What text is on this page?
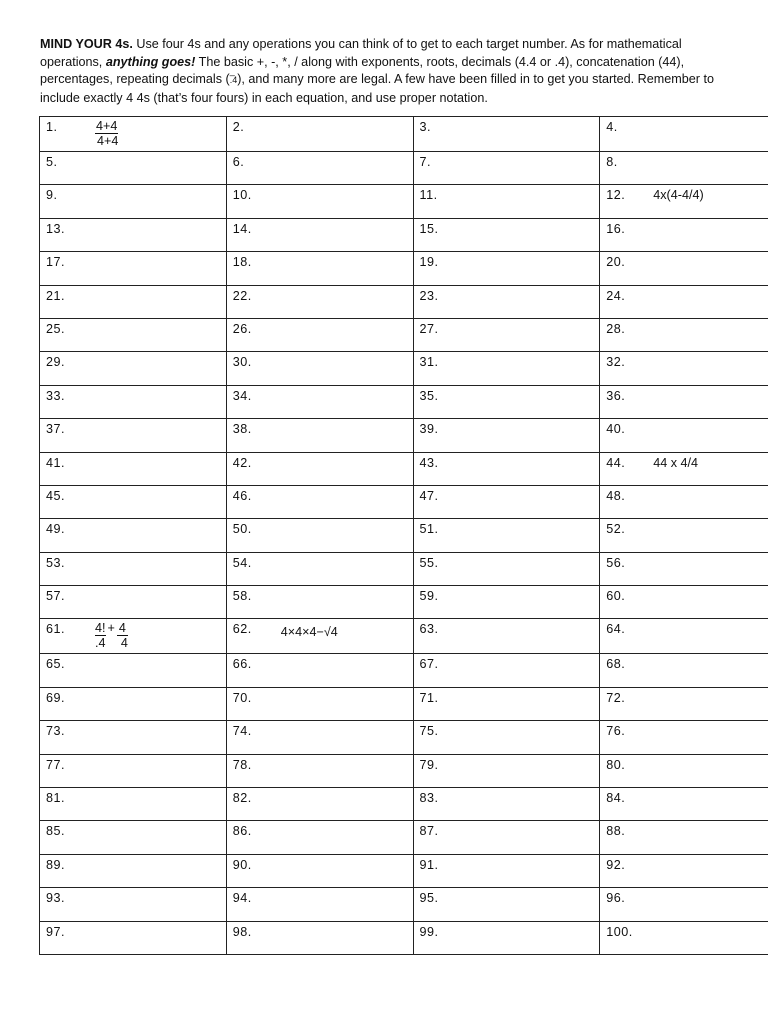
MIND YOUR 4s. Use four 4s and any operations you can think of to get to each target number. As for mathematical operations, anything goes! The basic +, -, *, / along with exponents, roots, decimals (4.4 or .4), concatenation (44), percentages, repeating decimals (.̅4), and many more are legal. A few have been filled in to get you started. Remember to include exactly 4 4s (that’s four fours) in each equation, and use proper notation.

1. $\frac{4+4}{4+4}$	2.	3.	4.

5.	6.	7.	8.

9.	10.	11.	12. 4x(4-4/4)

13.	14.	15.	16.

17.	18.	19.	20.

21.	22.	23.	24.

25.	26.	27.	28.

29.	30.	31.	32.

33.	34.	35.	36.

37.	38.	39.	40.

41.	42.	43.	44. 44 x 4/4

45.	46.	47.	48.

49.	50.	51.	52.

53.	54.	55.	56.

57.	58.	59.	60.

61. $\frac{4!}{.4} + \frac{4}{4}$	62. 4×4×4−√4	63.	64.

65.	66.	67.	68.

69.	70.	71.	72.

73.	74.	75.	76.

77.	78.	79.	80.

81.	82.	83.	84.

85.	86.	87.	88.

89.	90.	91.	92.

93.	94.	95.	96.

97.	98.	99.	100.
